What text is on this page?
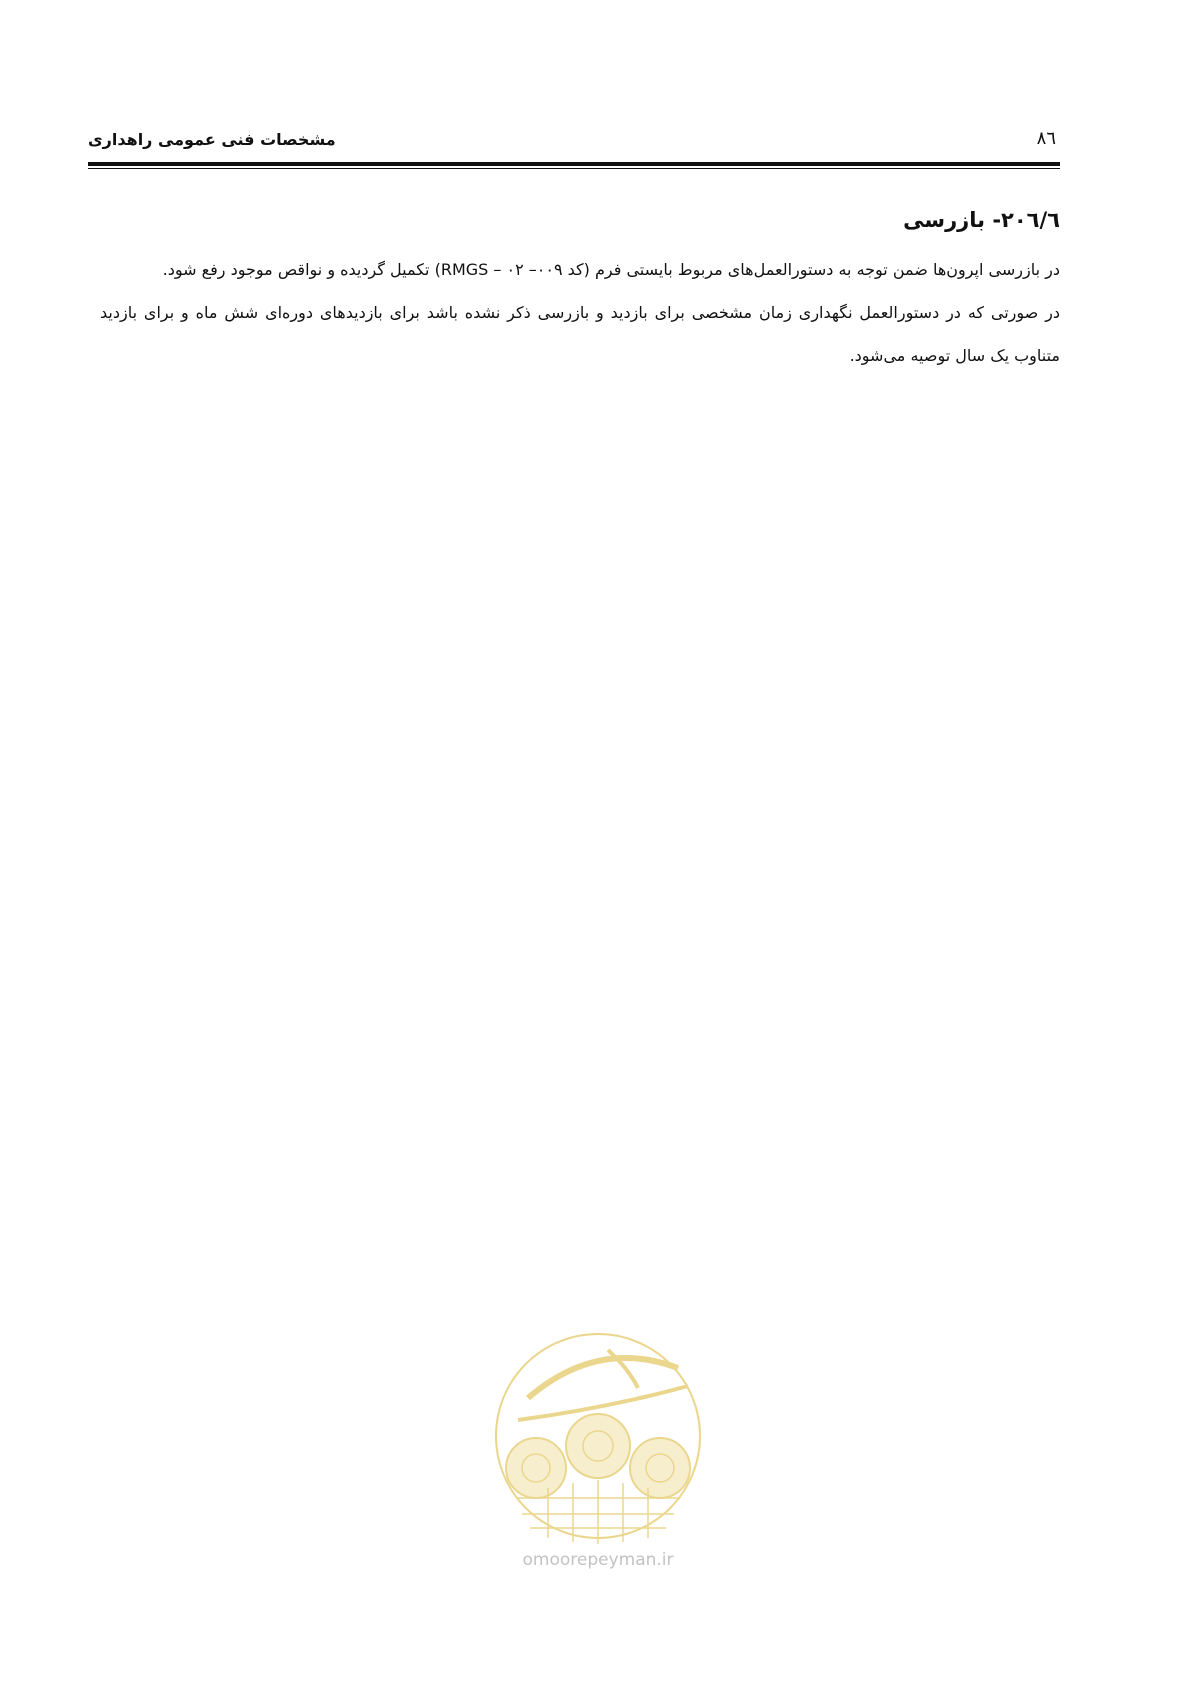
مشخصات فنی عمومی راهداری	۸٦
۲۰٦/٦- بازرسی

در بازرسی اپرون‌ها ضمن توجه به دستورالعمل‌های مربوط بایستی فرم (کد ۰۰۹– ۰۲ – RMGS) تکمیل گردیده و نواقص موجود رفع شود.

در صورتی که در دستورالعمل نگهداری زمان مشخصی برای بازدید و بازرسی ذکر نشده باشد برای بازدیدهای دوره‌ای شش ماه و برای بازدید متناوب یک سال توصیه می‌شود.

omoorepeyman.ir
